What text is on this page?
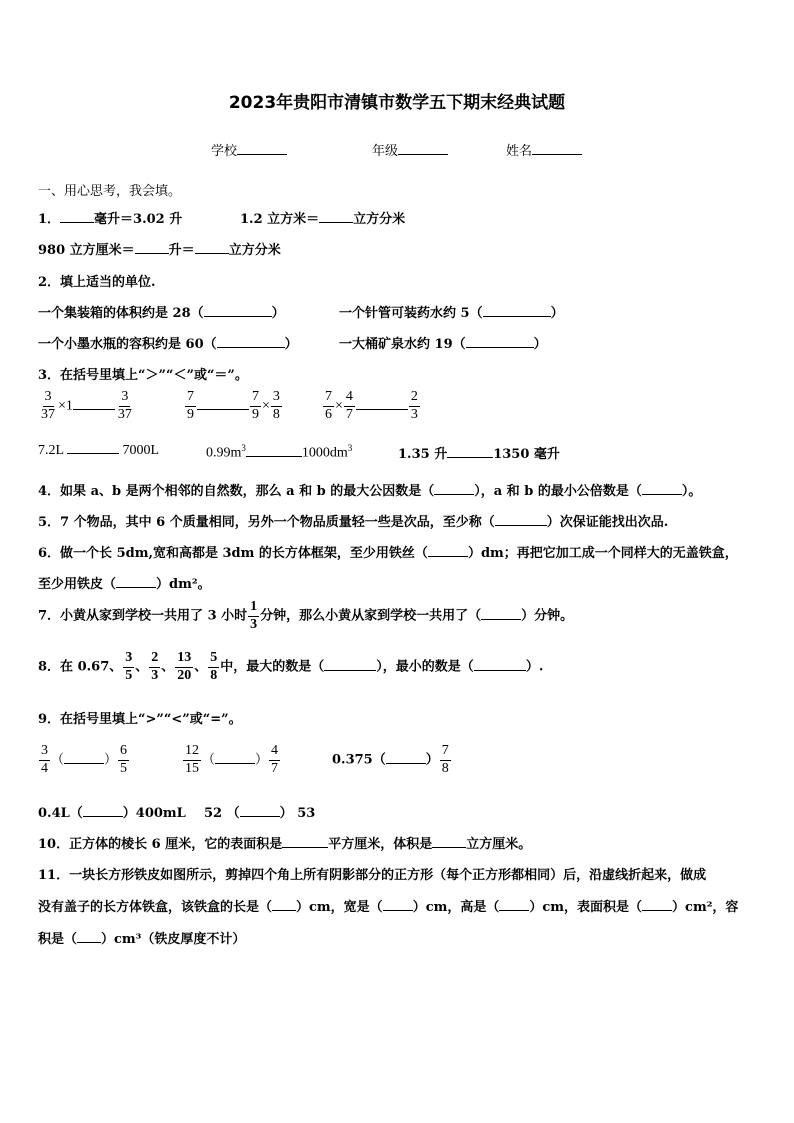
2023年贵阳市清镇市数学五下期末经典试题
学校	年级	姓名
一、用心思考，我会填。
1．	毫升＝3.02 升	1.2 立方米＝	立方分米
980 立方厘米＝	升＝	立方分米
2．填上适当的单位.
一个集装箱的体积约是 28（	）	一个针管可装药水约 5（	）
一个小墨水瓶的容积约是 60（	）	一大桶矿泉水约 19（	）
3．在括号里填上“＞”“＜”或“＝”。
$\frac{3}{37} \times 1$	$\frac{3}{37}$	$\frac{7}{9}$	$\frac{7}{9} \times \frac{3}{8}$	$\frac{7}{6} \times \frac{4}{7}$	$\frac{2}{3}$
7.2L	7000L	$0.99m^3$	$1000dm^3$	1.35 升	1350 毫升
4．如果 a、b 是两个相邻的自然数，那么 a 和 b 的最大公因数是（	），a 和 b 的最小公倍数是（	）。
5．7 个物品，其中 6 个质量相同，另外一个物品质量轻一些是次品，至少称（	）次保证能找出次品.
6．做一个长 5dm,宽和高都是 3dm 的长方体框架，至少用铁丝（	）dm；再把它加工成一个同样大的无盖铁盒，
至少用铁皮（	）dm²。
7．小黄从家到学校一共用了 3 小时 $\frac{1}{3}$ 分钟，那么小黄从家到学校一共用了（	）分钟。
8．在 0.67、 $\frac{3}{5}$ 、 $\frac{2}{3}$ 、 $\frac{13}{20}$ 、 $\frac{5}{8}$ 中，最大的数是（	），最小的数是（	）.
9．在括号里填上“>”“<”或“=”。
$\frac{3}{4}$ （	） $\frac{6}{5}$	$\frac{12}{15}$ （	） $\frac{4}{7}$	0.375（	） $\frac{7}{8}$
0.4L（	）400mL 52 （	） 53
10．正方体的棱长 6 厘米，它的表面积是	平方厘米，体积是	立方厘米。
11．一块长方形铁皮如图所示，剪掉四个角上所有阴影部分的正方形（每个正方形都相同）后，沿虚线折起来，做成
没有盖子的长方体铁盒，该铁盒的长是（ ）cm，宽是（ ）cm，高是（ ）cm，表面积是（ ）cm²，容
积是（ ）cm³（铁皮厚度不计）
